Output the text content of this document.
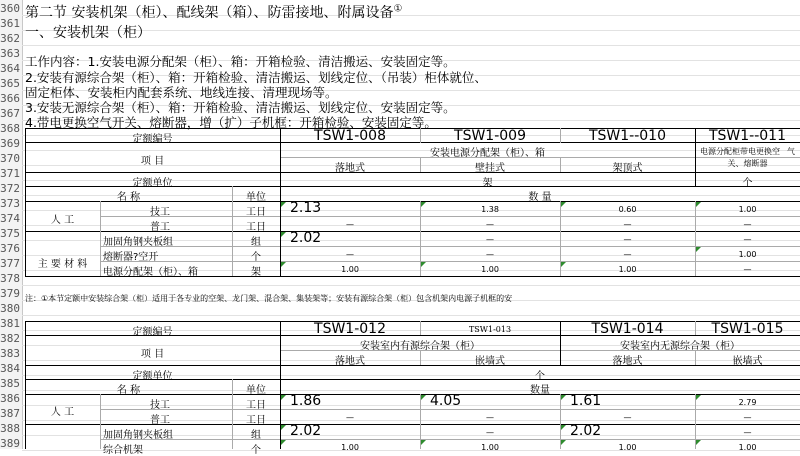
360
361
362
363
364
365
366
367
368
369
370
371
372
373
374
375
376
377
378
379
380
381
382
383
384
385
386
387
388
389
第二节 安装机架（柜）、配线架（箱）、防雷接地、附属设备①
一、安装机架（柜）
工作内容：1.安装电源分配架（柜）、箱：开箱检验、清洁搬运、安装固定等。
2.安装有源综合架（柜）、箱：开箱检验、清洁搬运、划线定位、（吊装）柜体就位、
固定柜体、安装柜内配套系统、地线连接、清理现场等。
3.安装无源综合架（柜）、箱：开箱检验、清洁搬运、划线定位、安装固定等。
4.带电更换空气开关、熔断器，增（扩）子机框：开箱检验、安装固定等。
定额编号	TSW1-008	TSW1-009	TSW1--010	TSW1--011
项 目
安装电源分配架（柜）、箱	电源分配柜带电更换空 气
关、熔断器
落地式	壁挂式	架顶式
定额单位	架	个
名 称	单位	数 量
人 工
主 要 材 料
技工	工日	2.13	1.38	0.60	1.00
普工	工日	—	—	—	—
加固角钢夹板组	组	2.02	—	—	—
熔断器?空开	个	—	—	—	1.00
电源分配架（柜）、箱	架	1.00	1.00	1.00	—
注：①本节定额中安装综合架（柜）适用于各专业的空架、龙门架、混合架、集装架等；安装有源综合架（柜）包含机架内电源子机框的安
定额编号	TSW1-012	TSW1-013	TSW1-014	TSW1-015
项 目
安装室内有源综合架（柜）	安装室内无源综合架（柜）
落地式	嵌墙式	落地式	嵌墙式
定额单位	个
名 称	单位	数量
人 工
技工	工日	1.86	4.05	1.61	2.79
普工	工日	—	—	—	—
加固角钢夹板组	组	2.02	—	2.02	—
综合机架	个	1.00	1.00	1.00	1.00
